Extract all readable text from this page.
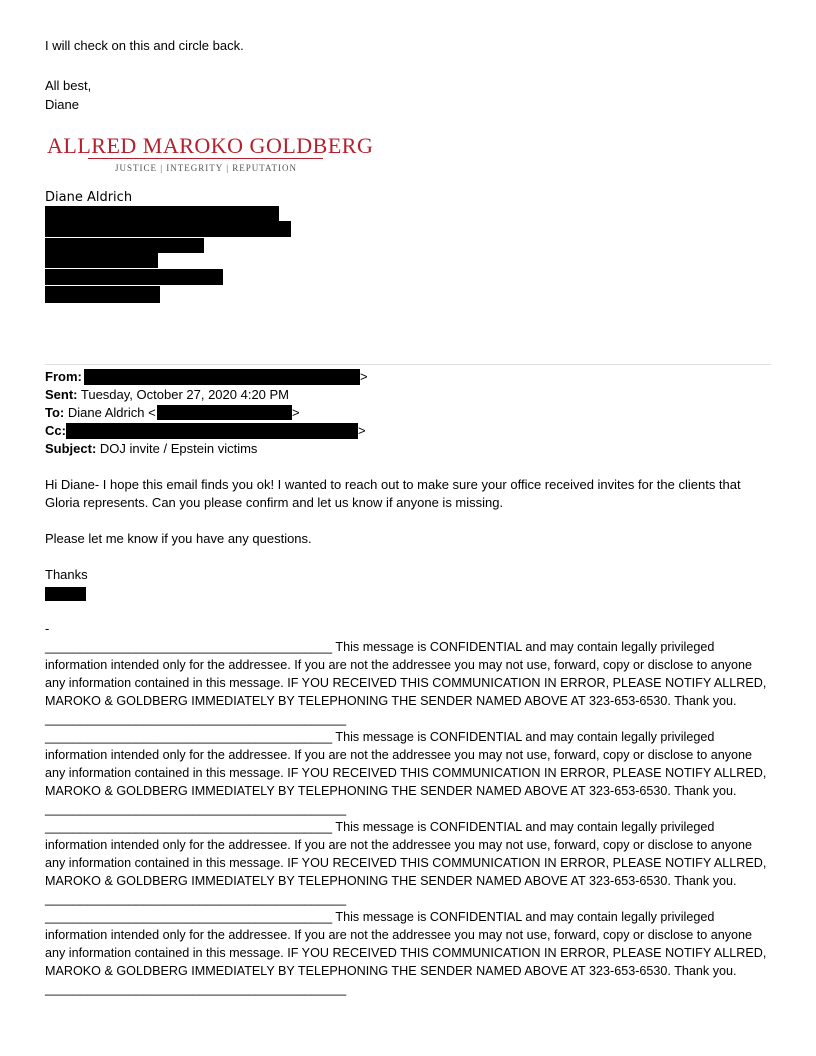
I will check on this and circle back.
All best,
Diane
ALLRED MAROKO GOLDBERG
JUSTICE | INTEGRITY | REPUTATION
Diane Aldrich
From:	>
Sent: Tuesday, October 27, 2020 4:20 PM
To: Diane Aldrich <	>
Cc:	>
Subject: DOJ invite / Epstein victims
Hi Diane- I hope this email finds you ok! I wanted to reach out to make sure your office received invites for the clients that Gloria represents. Can you please confirm and let us know if anyone is missing.
Please let me know if you have any questions.
Thanks
-
_________________________________________ This message is CONFIDENTIAL and may contain legally privileged information intended only for the addressee. If you are not the addressee you may not use, forward, copy or disclose to anyone any information contained in this message. IF YOU RECEIVED THIS COMMUNICATION IN ERROR, PLEASE NOTIFY ALLRED, MAROKO & GOLDBERG IMMEDIATELY BY TELEPHONING THE SENDER NAMED ABOVE AT 323-653-6530. Thank you. ___________________________________________
_________________________________________ This message is CONFIDENTIAL and may contain legally privileged information intended only for the addressee. If you are not the addressee you may not use, forward, copy or disclose to anyone any information contained in this message. IF YOU RECEIVED THIS COMMUNICATION IN ERROR, PLEASE NOTIFY ALLRED, MAROKO & GOLDBERG IMMEDIATELY BY TELEPHONING THE SENDER NAMED ABOVE AT 323-653-6530. Thank you. ___________________________________________
_________________________________________ This message is CONFIDENTIAL and may contain legally privileged information intended only for the addressee. If you are not the addressee you may not use, forward, copy or disclose to anyone any information contained in this message. IF YOU RECEIVED THIS COMMUNICATION IN ERROR, PLEASE NOTIFY ALLRED, MAROKO & GOLDBERG IMMEDIATELY BY TELEPHONING THE SENDER NAMED ABOVE AT 323-653-6530. Thank you. ___________________________________________
_________________________________________ This message is CONFIDENTIAL and may contain legally privileged information intended only for the addressee. If you are not the addressee you may not use, forward, copy or disclose to anyone any information contained in this message. IF YOU RECEIVED THIS COMMUNICATION IN ERROR, PLEASE NOTIFY ALLRED, MAROKO & GOLDBERG IMMEDIATELY BY TELEPHONING THE SENDER NAMED ABOVE AT 323-653-6530. Thank you. ___________________________________________
